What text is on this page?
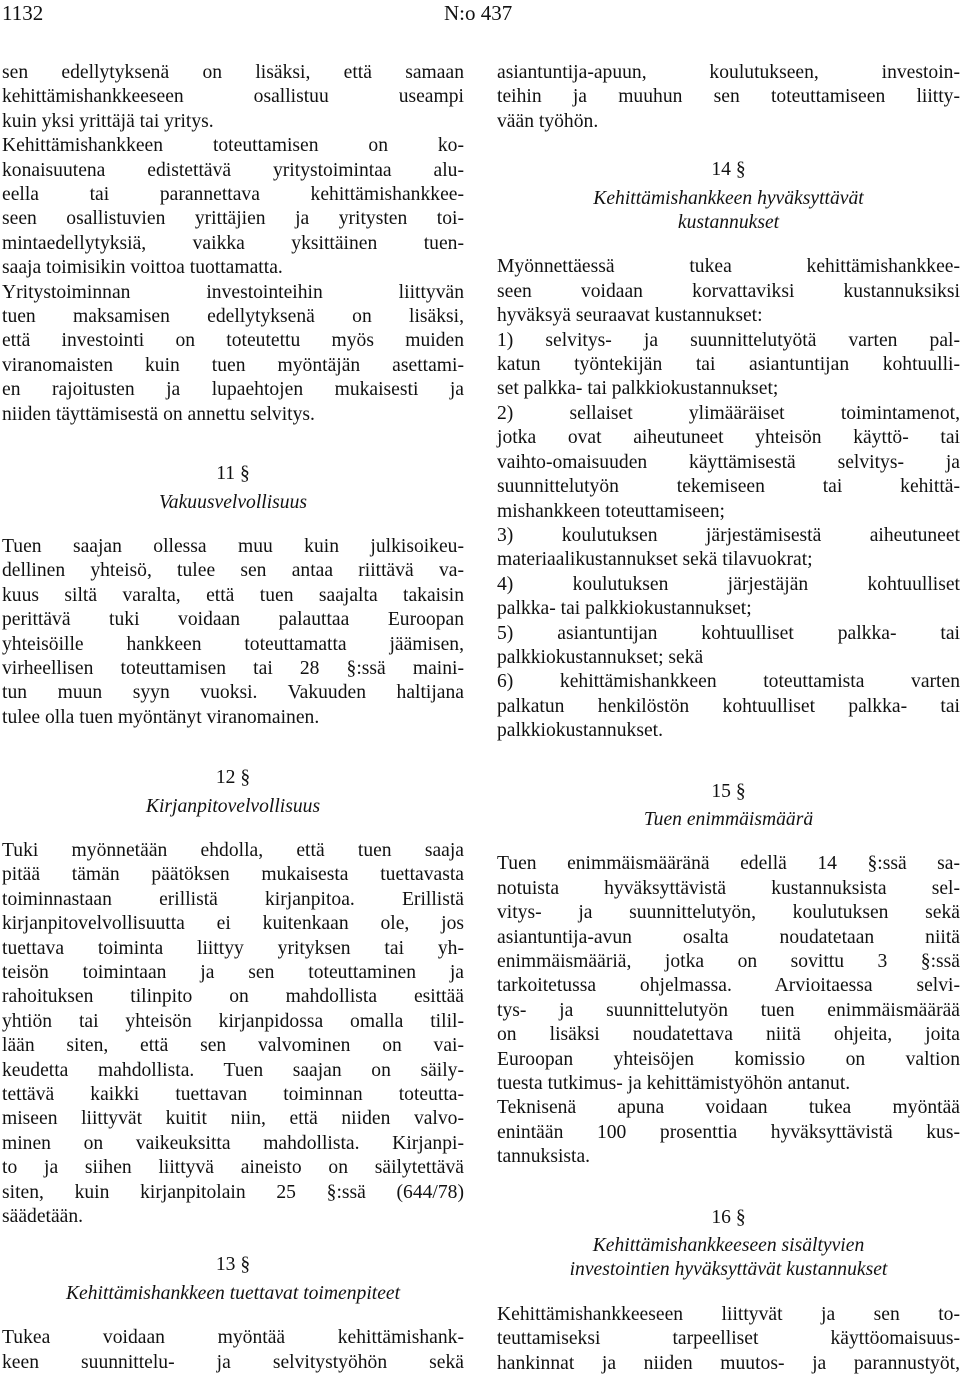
1132	N:o 437
sen edellytyksenä on lisäksi, että samaan
kehittämishankkeeseen osallistuu useampi
kuin yksi yrittäjä tai yritys.
Kehittämishankkeen toteuttamisen on ko-
konaisuutena edistettävä yritystoimintaa alu-
eella tai parannettava kehittämishankkee-
seen osallistuvien yrittäjien ja yritysten toi-
mintaedellytyksiä, vaikka yksittäinen tuen-
saaja toimisikin voittoa tuottamatta.
Yritystoiminnan investointeihin liittyvän
tuen maksamisen edellytyksenä on lisäksi,
että investointi on toteutettu myös muiden
viranomaisten kuin tuen myöntäjän asettami-
en rajoitusten ja lupaehtojen mukaisesti ja
niiden täyttämisestä on annettu selvitys.
11 §
Vakuusvelvollisuus
Tuen saajan ollessa muu kuin julkisoikeu-
dellinen yhteisö, tulee sen antaa riittävä va-
kuus siltä varalta, että tuen saajalta takaisin
perittävä tuki voidaan palauttaa Euroopan
yhteisöille hankkeen toteuttamatta jäämisen,
virheellisen toteuttamisen tai 28 §:ssä maini-
tun muun syyn vuoksi. Vakuuden haltijana
tulee olla tuen myöntänyt viranomainen.
12 §
Kirjanpitovelvollisuus
Tuki myönnetään ehdolla, että tuen saaja
pitää tämän päätöksen mukaisesta tuettavasta
toiminnastaan erillistä kirjanpitoa. Erillistä
kirjanpitovelvollisuutta ei kuitenkaan ole, jos
tuettava toiminta liittyy yrityksen tai yh-
teisön toimintaan ja sen toteuttaminen ja
rahoituksen tilinpito on mahdollista esittää
yhtiön tai yhteisön kirjanpidossa omalla tilil-
lään siten, että sen valvominen on vai-
keudetta mahdollista. Tuen saajan on säily-
tettävä kaikki tuettavan toiminnan toteutta-
miseen liittyvät kuitit niin, että niiden valvo-
minen on vaikeuksitta mahdollista. Kirjanpi-
to ja siihen liittyvä aineisto on säilytettävä
siten, kuin kirjanpitolain 25 §:ssä (644/78)
säädetään.
13 §
Kehittämishankkeen tuettavat toimenpiteet
Tukea voidaan myöntää kehittämishank-
keen suunnittelu- ja selvitystyöhön sekä
asiantuntija-apuun, koulutukseen, investoin-
teihin ja muuhun sen toteuttamiseen liitty-
vään työhön.
14 §
Kehittämishankkeen hyväksyttävät
kustannukset
Myönnettäessä tukea kehittämishankkee-
seen voidaan korvattaviksi kustannuksiksi
hyväksyä seuraavat kustannukset:
1) selvitys- ja suunnittelutyötä varten pal-
katun työntekijän tai asiantuntijan kohtuulli-
set palkka- tai palkkiokustannukset;
2) sellaiset ylimääräiset toimintamenot,
jotka ovat aiheutuneet yhteisön käyttö- tai
vaihto-omaisuuden käyttämisestä selvitys- ja
suunnittelutyön tekemiseen tai kehittä-
mishankkeen toteuttamiseen;
3) koulutuksen järjestämisestä aiheutuneet
materiaalikustannukset sekä tilavuokrat;
4) koulutuksen järjestäjän kohtuulliset
palkka- tai palkkiokustannukset;
5) asiantuntijan kohtuulliset palkka- tai
palkkiokustannukset; sekä
6) kehittämishankkeen toteuttamista varten
palkatun henkilöstön kohtuulliset palkka- tai
palkkiokustannukset.
15 §
Tuen enimmäismäärä
Tuen enimmäismääränä edellä 14 §:ssä sa-
notuista hyväksyttävistä kustannuksista sel-
vitys- ja suunnittelutyön, koulutuksen sekä
asiantuntija-avun osalta noudatetaan niitä
enimmäismääriä, jotka on sovittu 3 §:ssä
tarkoitetussa ohjelmassa. Arvioitaessa selvi-
tys- ja suunnittelutyön tuen enimmäismäärää
on lisäksi noudatettava niitä ohjeita, joita
Euroopan yhteisöjen komissio on valtion
tuesta tutkimus- ja kehittämistyöhön antanut.
Teknisenä apuna voidaan tukea myöntää
enintään 100 prosenttia hyväksyttävistä kus-
tannuksista.
16 §
Kehittämishankkeeseen sisältyvien
investointien hyväksyttävät kustannukset
Kehittämishankkeeseen liittyvät ja sen to-
teuttamiseksi tarpeelliset käyttöomaisuus-
hankinnat ja niiden muutos- ja parannustyöt,
